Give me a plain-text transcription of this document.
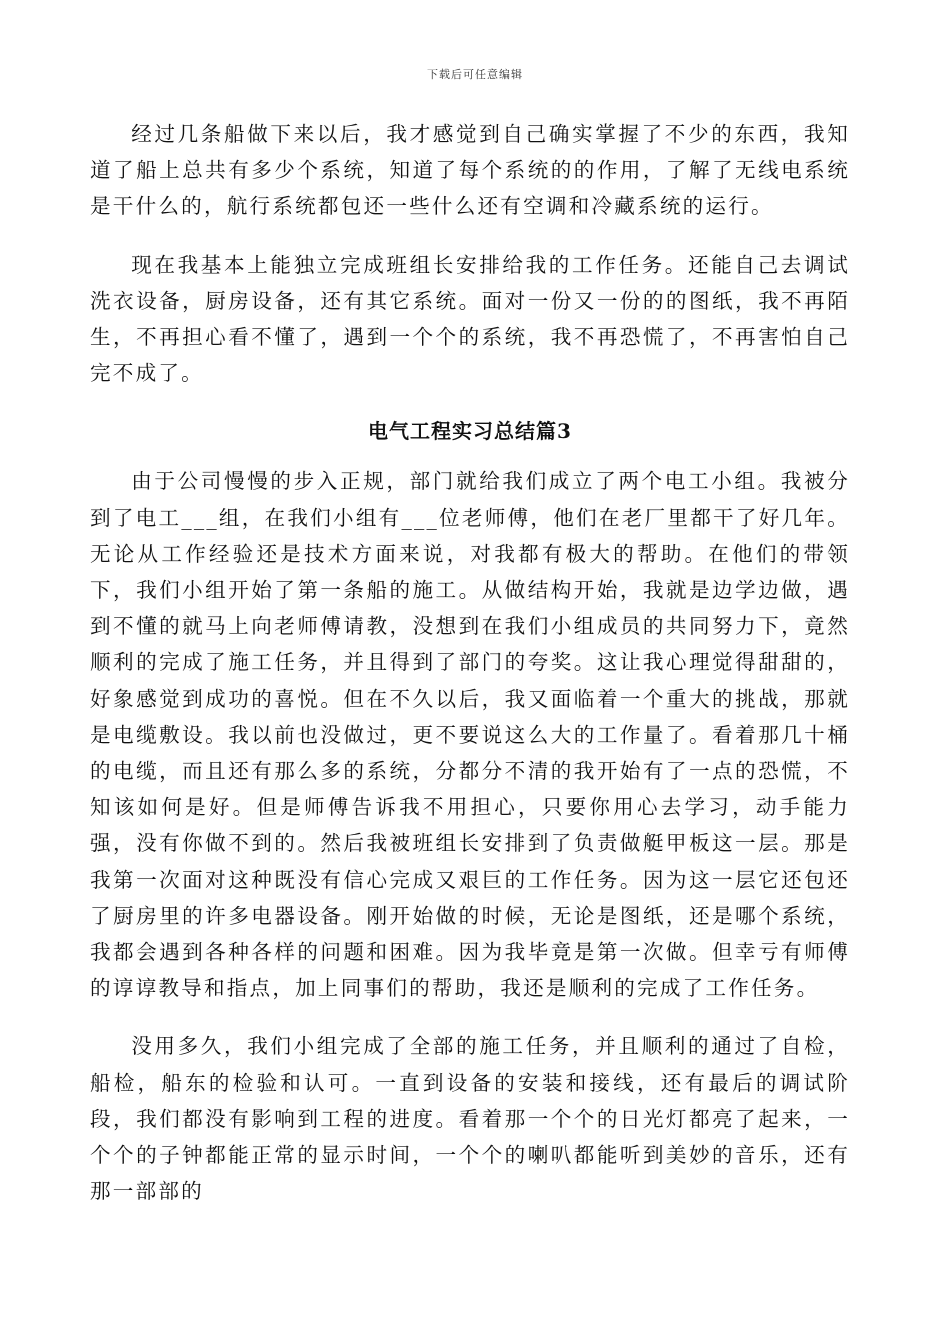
下载后可任意编辑

经过几条船做下来以后，我才感觉到自己确实掌握了不少的东西，我知道了船上总共有多少个系统，知道了每个系统的的作用，了解了无线电系统是干什么的，航行系统都包还一些什么还有空调和冷藏系统的运行。

现在我基本上能独立完成班组长安排给我的工作任务。还能自己去调试洗衣设备，厨房设备，还有其它系统。面对一份又一份的的图纸，我不再陌生，不再担心看不懂了，遇到一个个的系统，我不再恐慌了，不再害怕自己完不成了。

电气工程实习总结篇3

由于公司慢慢的步入正规，部门就给我们成立了两个电工小组。我被分到了电工___组，在我们小组有___位老师傅，他们在老厂里都干了好几年。无论从工作经验还是技术方面来说，对我都有极大的帮助。在他们的带领下，我们小组开始了第一条船的施工。从做结构开始，我就是边学边做，遇到不懂的就马上向老师傅请教，没想到在我们小组成员的共同努力下，竟然顺利的完成了施工任务，并且得到了部门的夸奖。这让我心理觉得甜甜的，好象感觉到成功的喜悦。但在不久以后，我又面临着一个重大的挑战，那就是电缆敷设。我以前也没做过，更不要说这么大的工作量了。看着那几十桶的电缆，而且还有那么多的系统，分都分不清的我开始有了一点的恐慌，不知该如何是好。但是师傅告诉我不用担心，只要你用心去学习，动手能力强，没有你做不到的。然后我被班组长安排到了负责做艇甲板这一层。那是我第一次面对这种既没有信心完成又艰巨的工作任务。因为这一层它还包还了厨房里的许多电器设备。刚开始做的时候，无论是图纸，还是哪个系统，我都会遇到各种各样的问题和困难。因为我毕竟是第一次做。但幸亏有师傅的谆谆教导和指点，加上同事们的帮助，我还是顺利的完成了工作任务。

没用多久，我们小组完成了全部的施工任务，并且顺利的通过了自检，船检，船东的检验和认可。一直到设备的安装和接线，还有最后的调试阶段，我们都没有影响到工程的进度。看着那一个个的日光灯都亮了起来，一个个的子钟都能正常的显示时间，一个个的喇叭都能听到美妙的音乐，还有那一部部的
